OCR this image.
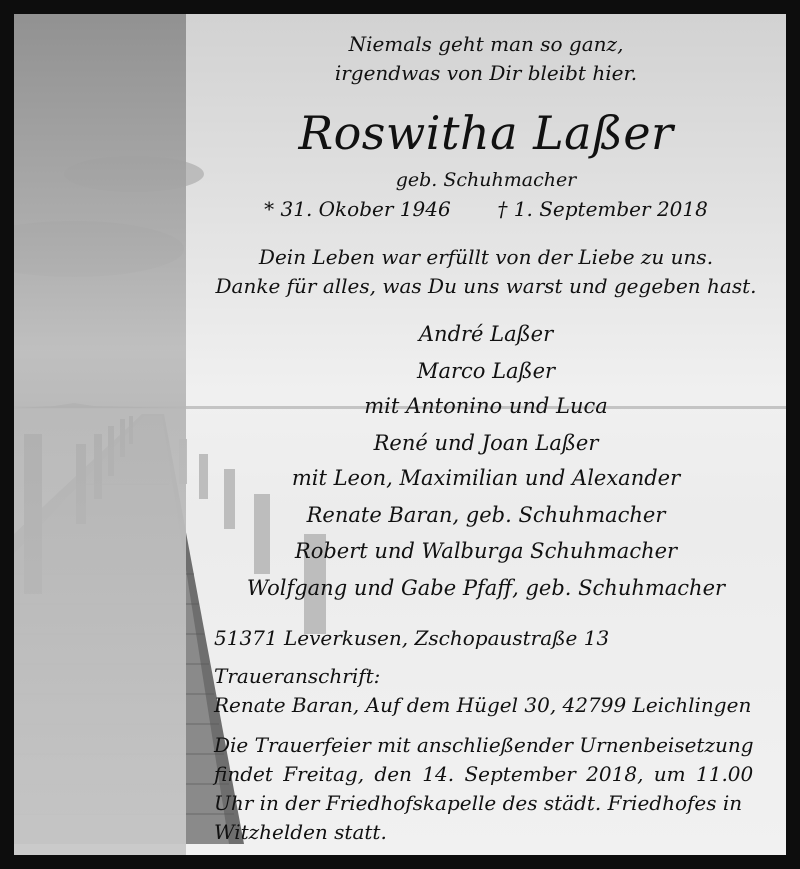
Niemals geht man so ganz,
irgendwas von Dir bleibt hier.
Roswitha Laßer
geb. Schuhmacher
* 31. Okober 1946 † 1. September 2018
Dein Leben war erfüllt von der Liebe zu uns.
Danke für alles, was Du uns warst und gegeben hast.
André Laßer
Marco Laßer
mit Antonino und Luca
René und Joan Laßer
mit Leon, Maximilian und Alexander
Renate Baran, geb. Schuhmacher
Robert und Walburga Schuhmacher
Wolfgang und Gabe Pfaff, geb. Schuhmacher
51371 Leverkusen, Zschopaustraße 13
Traueranschrift:
Renate Baran, Auf dem Hügel 30, 42799 Leichlingen
Die Trauerfeier mit anschließender Urnenbeisetzung
findet Freitag, den 14. September 2018, um 11.00
Uhr in der Friedhofskapelle des städt. Friedhofes in
Witzhelden statt.
